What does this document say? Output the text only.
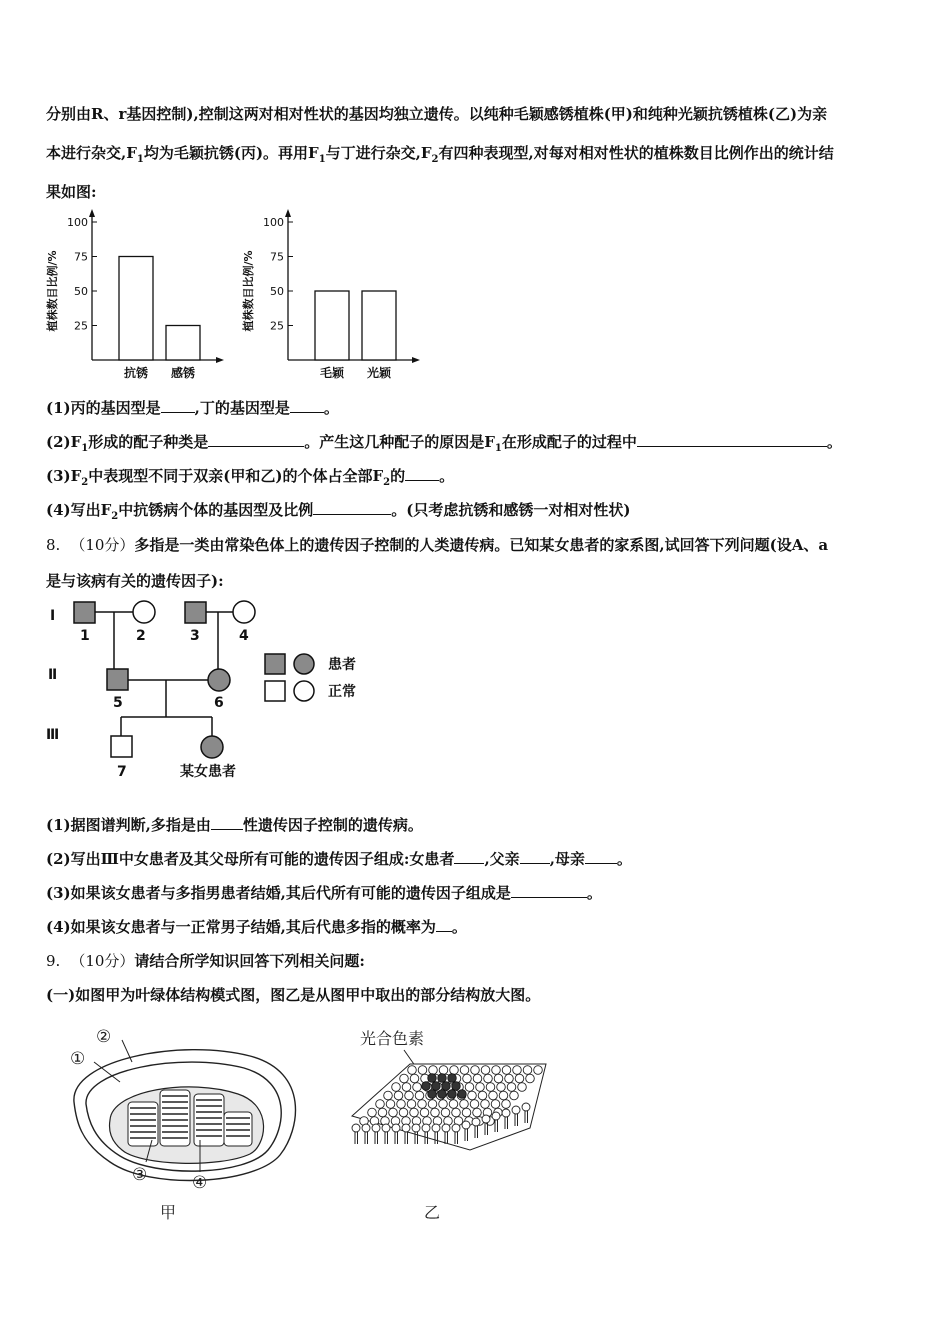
分别由R、r基因控制),控制这两对相对性状的基因均独立遗传。以纯种毛颖感锈植株(甲)和纯种光颖抗锈植株(乙)为亲
本进行杂交$,F_1$均为毛颖抗锈(丙)。再用$F_1$与丁进行杂交$,F_2$有四种表现型,对每对相对性状的植株数目比例作出的统计结
果如图:
100
75
50
25
植株数目比例/%
抗锈 感锈
100
75
50
25
植株数目比例/%
毛颖 光颖
(1)丙的基因型是 ,丁的基因型是 。
$(2)F_1$形成的配子种类是	。产生这几种配子的原因是$F_1$在形成配子的过程中	。
$(3)F_2$中表现型不同于双亲(甲和乙)的个体占全部$F_2$的 。
(4)写出$F_2$中抗锈病个体的基因型及比例	。(只考虑抗锈和感锈一对相对性状)
8. （10分）多指是一类由常染色体上的遗传因子控制的人类遗传病。已知某女患者的家系图,试回答下列问题(设A、a
是与该病有关的遗传因子):
Ⅰ
Ⅱ
Ⅲ
1	2	3	4
5	6
7	某女患者
患者
正常
(1)据图谱判断,多指是由 性遗传因子控制的遗传病。
(2)写出Ⅲ中女患者及其父母所有可能的遗传因子组成:女患者 ,父亲 ,母亲 。
(3)如果该女患者与多指男患者结婚,其后代所有可能的遗传因子组成是	。
(4)如果该女患者与一正常男子结婚,其后代患多指的概率为 。
9. （10分）请结合所学知识回答下列相关问题:
(一)如图甲为叶绿体结构模式图，图乙是从图甲中取出的部分结构放大图。
②
①
③	④
甲
光合色素
乙
